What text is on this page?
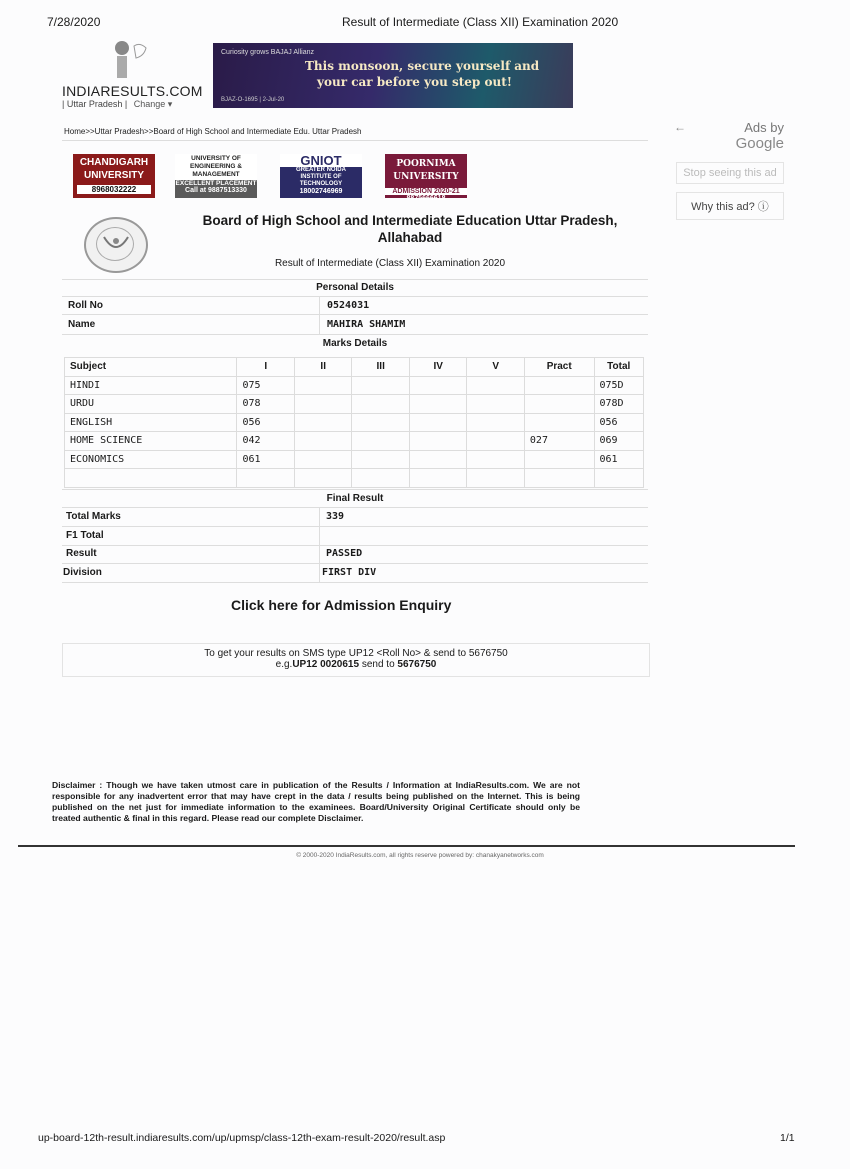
7/28/2020	Result of Intermediate (Class XII) Examination 2020
INDIARESULTS.COM
| Uttar Pradesh | Change ▾
Curiosity grows BAJAJ Allianz
This monsoon, secure yourself and
your car before you step out!
BJAZ-O-1695 | 2-Jul-20
Home>>Uttar Pradesh>>Board of High School and Intermediate Edu. Uttar Pradesh	←	Ads by
Google
Stop seeing this ad
Why this ad? ⓘ
CHANDIGARH UNIVERSITY
8968032222
UNIVERSITY OF ENGINEERING & MANAGEMENT
EXCELLENT PLACEMENT
Call at 9887513330
GNIOT
GREATER NOIDA INSTITUTE OF TECHNOLOGY
18002746969
POORNIMA UNIVERSITY
ADMISSION 2020-21
8875666618
Board of High School and Intermediate Education Uttar Pradesh, Allahabad
Result of Intermediate (Class XII) Examination 2020
Personal Details
Roll No	0524031
Name	MAHIRA SHAMIM
Marks Details
Subject	I	II	III	IV	V	Pract	Total
HINDI	075						075D
URDU	078						078D
ENGLISH	056						056
HOME SCIENCE	042					027	069
ECONOMICS	061						061

Final Result
Total Marks	339
F1 Total
Result	PASSED
Division	FIRST DIV
Click here for Admission Enquiry
To get your results on SMS type UP12 <Roll No> & send to 5676750
e.g.UP12 0020615 send to 5676750
Disclaimer : Though we have taken utmost care in publication of the Results / Information at IndiaResults.com. We are not responsible for any inadvertent error that may have crept in the data / results being published on the Internet. This is being published on the net just for immediate information to the examinees. Board/University Original Certificate should only be treated authentic & final in this regard. Please read our complete Disclaimer.
© 2000-2020 IndiaResults.com, all rights reserve powered by: chanakyanetworks.com
up-board-12th-result.indiaresults.com/up/upmsp/class-12th-exam-result-2020/result.asp	1/1
